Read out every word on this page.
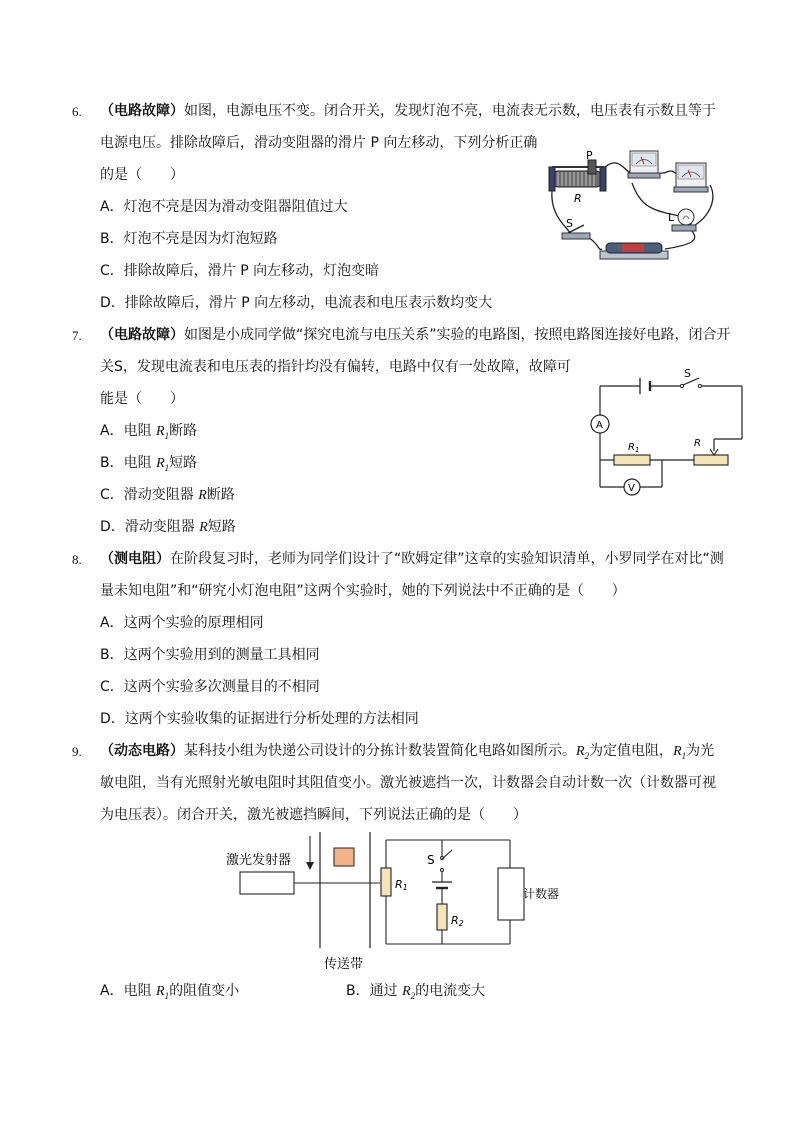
6. （电路故障）如图，电源电压不变。闭合开关，发现灯泡不亮，电流表无示数，电压表有示数且等于
电源电压。排除故障后，滑动变阻器的滑片 P 向左移动，下列分析正确
的是（　　）
A．灯泡不亮是因为滑动变阻器阻值过大
B．灯泡不亮是因为灯泡短路
C．排除故障后，滑片 P 向左移动，灯泡变暗
D．排除故障后，滑片 P 向左移动，电流表和电压表示数均变大
P
R
L
S
7. （电路故障）如图是小成同学做“探究电流与电压关系”实验的电路图，按照电路图连接好电路，闭合开
关S，发现电流表和电压表的指针均没有偏转，电路中仅有一处故障，故障可
能是（　　）
A．电阻 $R_1$断路
B．电阻 $R_1$短路
C．滑动变阻器 R断路
D．滑动变阻器 R短路
S
A
$R_1$
R
V
8. （测电阻）在阶段复习时，老师为同学们设计了“欧姆定律”这章的实验知识清单，小罗同学在对比“测
量未知电阻”和“研究小灯泡电阻”这两个实验时，她的下列说法中不正确的是（　　）
A．这两个实验的原理相同
B．这两个实验用到的测量工具相同
C．这两个实验多次测量目的不相同
D．这两个实验收集的证据进行分析处理的方法相同
9. （动态电路）某科技小组为快递公司设计的分拣计数装置简化电路如图所示。$R_2$为定值电阻，$R_1$为光
敏电阻，当有光照射光敏电阻时其阻值变小。激光被遮挡一次，计数器会自动计数一次（计数器可视
为电压表）。闭合开关，激光被遮挡瞬间，下列说法正确的是（　　）
激光发射器
传送带
R1
S
R2
计数器
A．电阻 $R_1$的阻值变小	B．通过 $R_2$的电流变大
